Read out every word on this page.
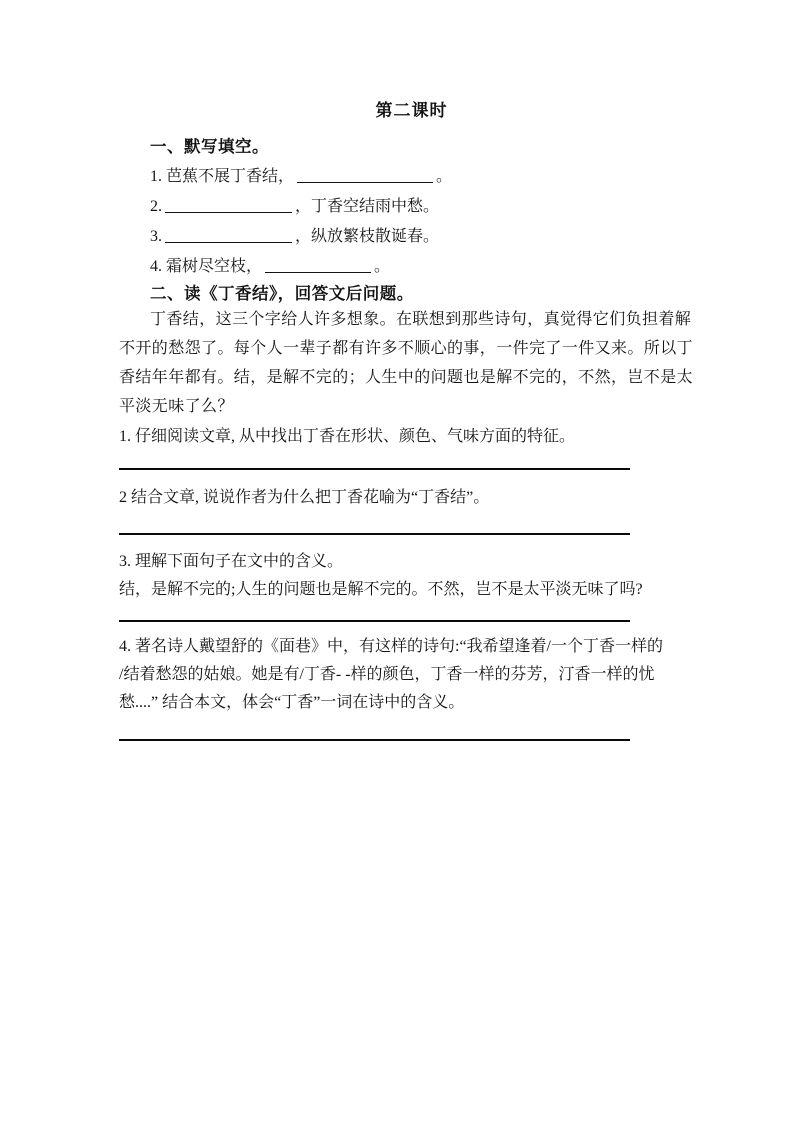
第二课时
一、默写填空。
1. 芭蕉不展丁香结，	。
2.	，丁香空结雨中愁。
3.	，纵放繁枝散诞春。
4. 霜树尽空枝，	。
二、读《丁香结》，回答文后问题。
丁香结，这三个字给人许多想象。在联想到那些诗句，真觉得它们负担着解
不开的愁怨了。每个人一辈子都有许多不顺心的事，一件完了一件又来。所以丁
香结年年都有。结，是解不完的；人生中的问题也是解不完的，不然，岂不是太
平淡无味了么？
1. 仔细阅读文章, 从中找出丁香在形状、颜色、气味方面的特征。
2 结合文章, 说说作者为什么把丁香花喻为“丁香结”。
3. 理解下面句子在文中的含义。
结，是解不完的;人生的问题也是解不完的。不然，岂不是太平淡无味了吗?
4. 著名诗人戴望舒的《面巷》中，有这样的诗句:“我希望逢着/一个丁香一样的
/结着愁怨的姑娘。她是有/丁香- -样的颜色，丁香一样的芬芳，汀香一样的忧
愁....” 结合本文，体会“丁香”一词在诗中的含义。
